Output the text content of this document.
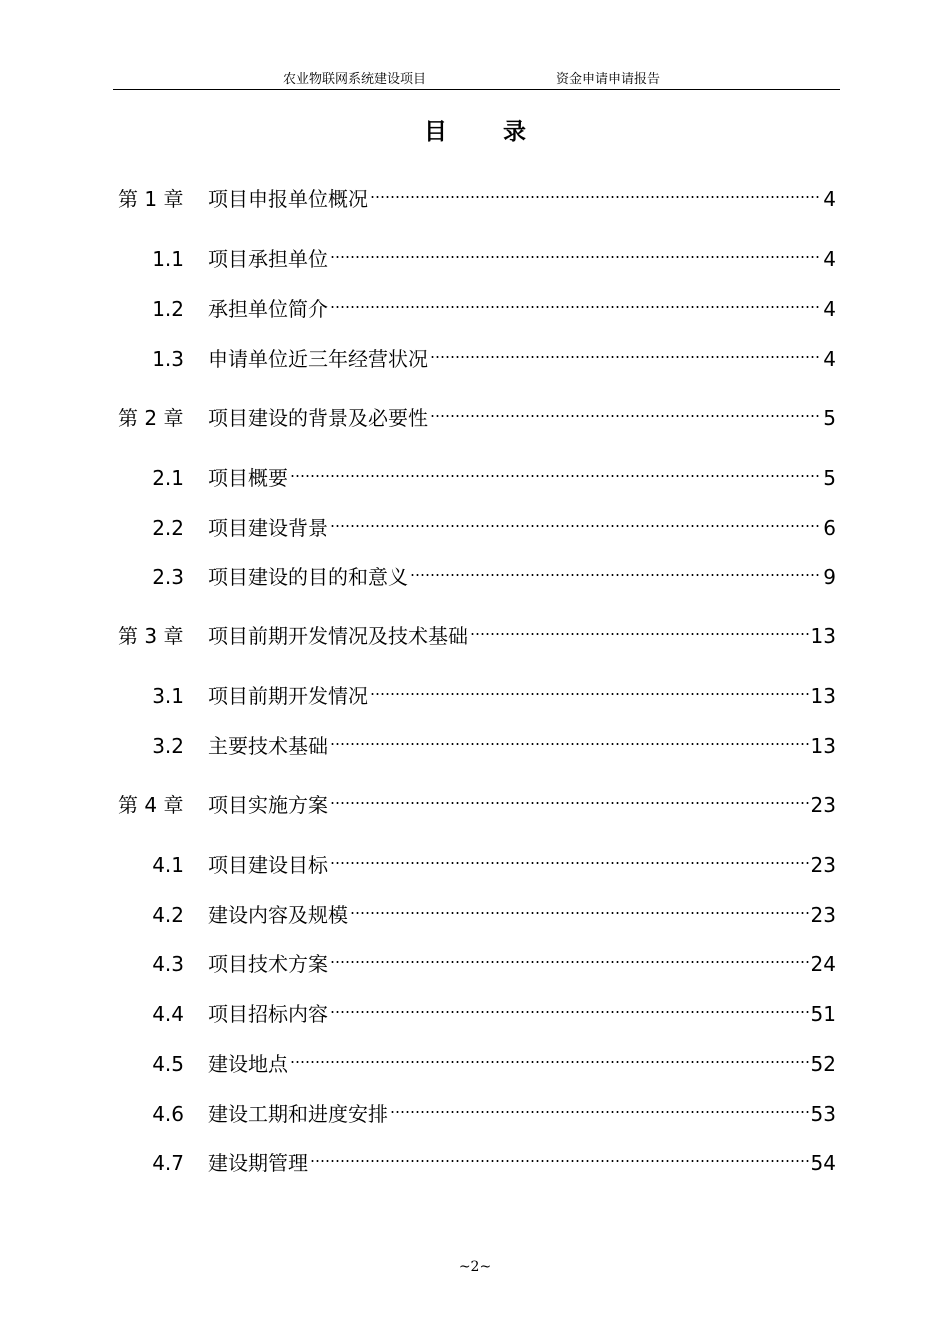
农业物联网系统建设项目	资金申请申请报告
目录
第 1 章	项目申报单位概况	4
1.1	项目承担单位	4
1.2	承担单位简介	4
1.3	申请单位近三年经营状况	4
第 2 章	项目建设的背景及必要性	5
2.1	项目概要	5
2.2	项目建设背景	6
2.3	项目建设的目的和意义	9
第 3 章	项目前期开发情况及技术基础	13
3.1	项目前期开发情况	13
3.2	主要技术基础	13
第 4 章	项目实施方案	23
4.1	项目建设目标	23
4.2	建设内容及规模	23
4.3	项目技术方案	24
4.4	项目招标内容	51
4.5	建设地点	52
4.6	建设工期和进度安排	53
4.7	建设期管理	54
~2~
